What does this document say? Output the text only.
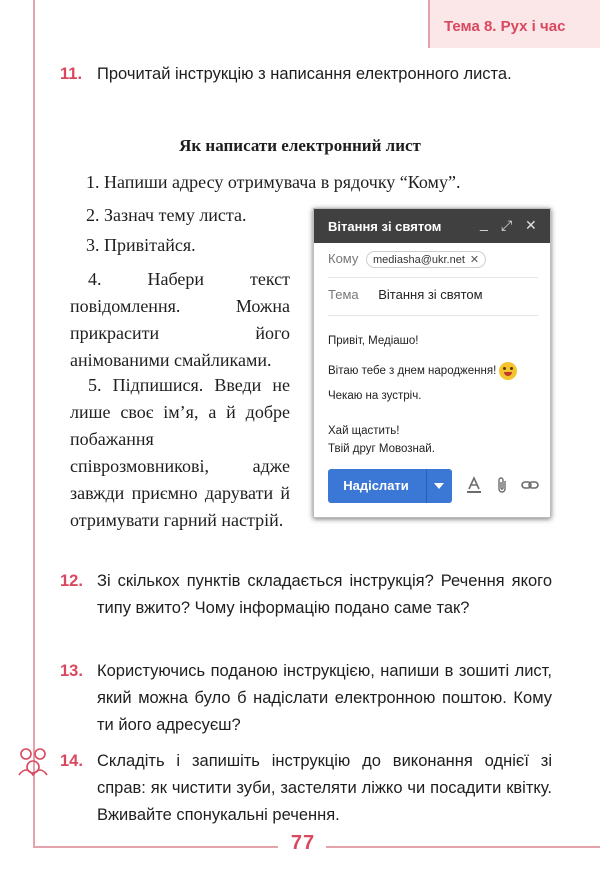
Тема 8. Рух і час
77
11. Прочитай інструкцію з написання електронного листа.
Як написати електронний лист
1. Напиши адресу отримувача в рядочку “Кому”.
2. Зазнач тему листа.
3. Привітайся.
4. Набери текст повідомлення. Можна прикрасити його анімованими смайликами.
5. Підпишися. Введи не лише своє ім’я, а й добре побажання співрозмовникові, адже завжди приємно дарувати й отримувати гарний настрій.
Вітання зі святом	_ ⤢ ✕
Кому mediasha@ukr.net ✕
Тема Вітання зі святом
Привіт, Медіашо!
Вітаю тебе з днем народження!
Чекаю на зустріч.
Хай щастить!
Твій друг Мовознай.
Надіслати
12. Зі скількох пунктів складається інструкція? Речення якого типу вжито? Чому інформацію подано саме так?
13. Користуючись поданою інструкцією, напиши в зошиті лист, який можна було б надіслати електронною поштою. Кому ти його адресуєш?
14. Складіть і запишіть інструкцію до виконання однієї зі справ: як чистити зуби, застеляти ліжко чи посадити квітку. Вживайте спонукальні речення.
